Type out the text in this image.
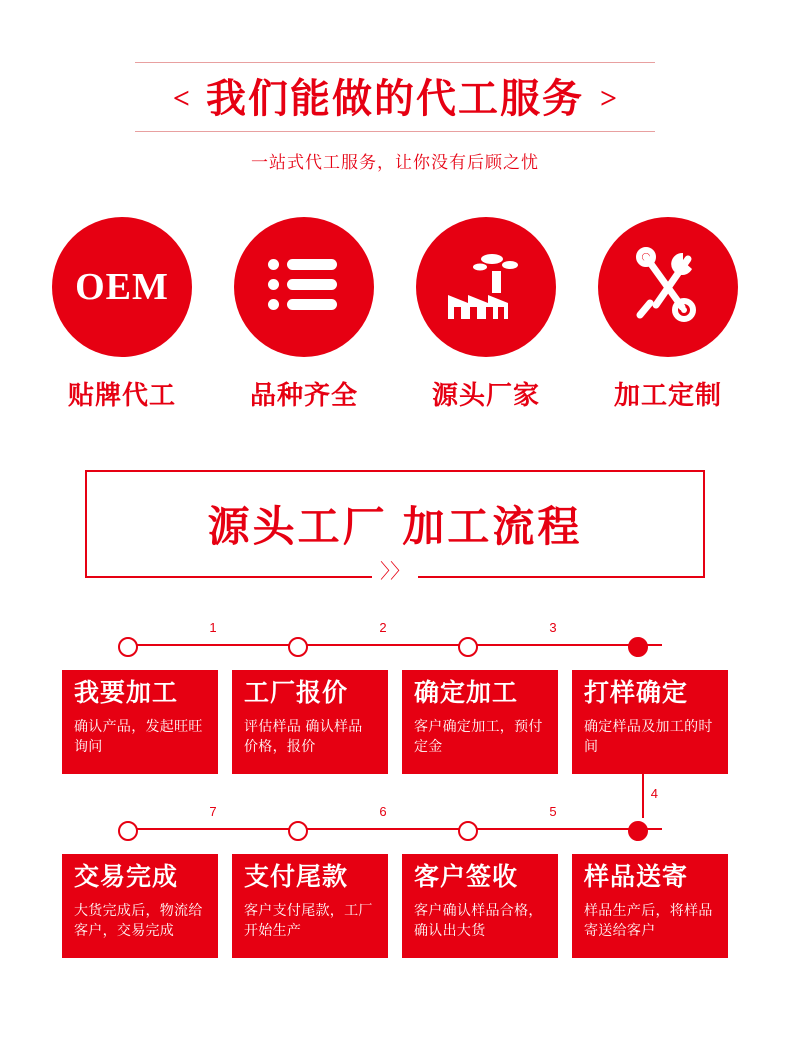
< 我们能做的代工服务 >
一站式代工服务，让你没有后顾之忧
OEM
贴牌代工	品种齐全	源头厂家	加工定制
源头工厂 加工流程
〉〉
1	2	3
我要加工
确认产品，发起旺旺询问
工厂报价
评估样品 确认样品价格，报价
确定加工
客户确定加工，预付定金
打样确定
确定样品及加工的时间
4
7	6	5
交易完成
大货完成后，物流给客户，交易完成
支付尾款
客户支付尾款，工厂开始生产
客户签收
客户确认样品合格，确认出大货
样品送寄
样品生产后，将样品寄送给客户
